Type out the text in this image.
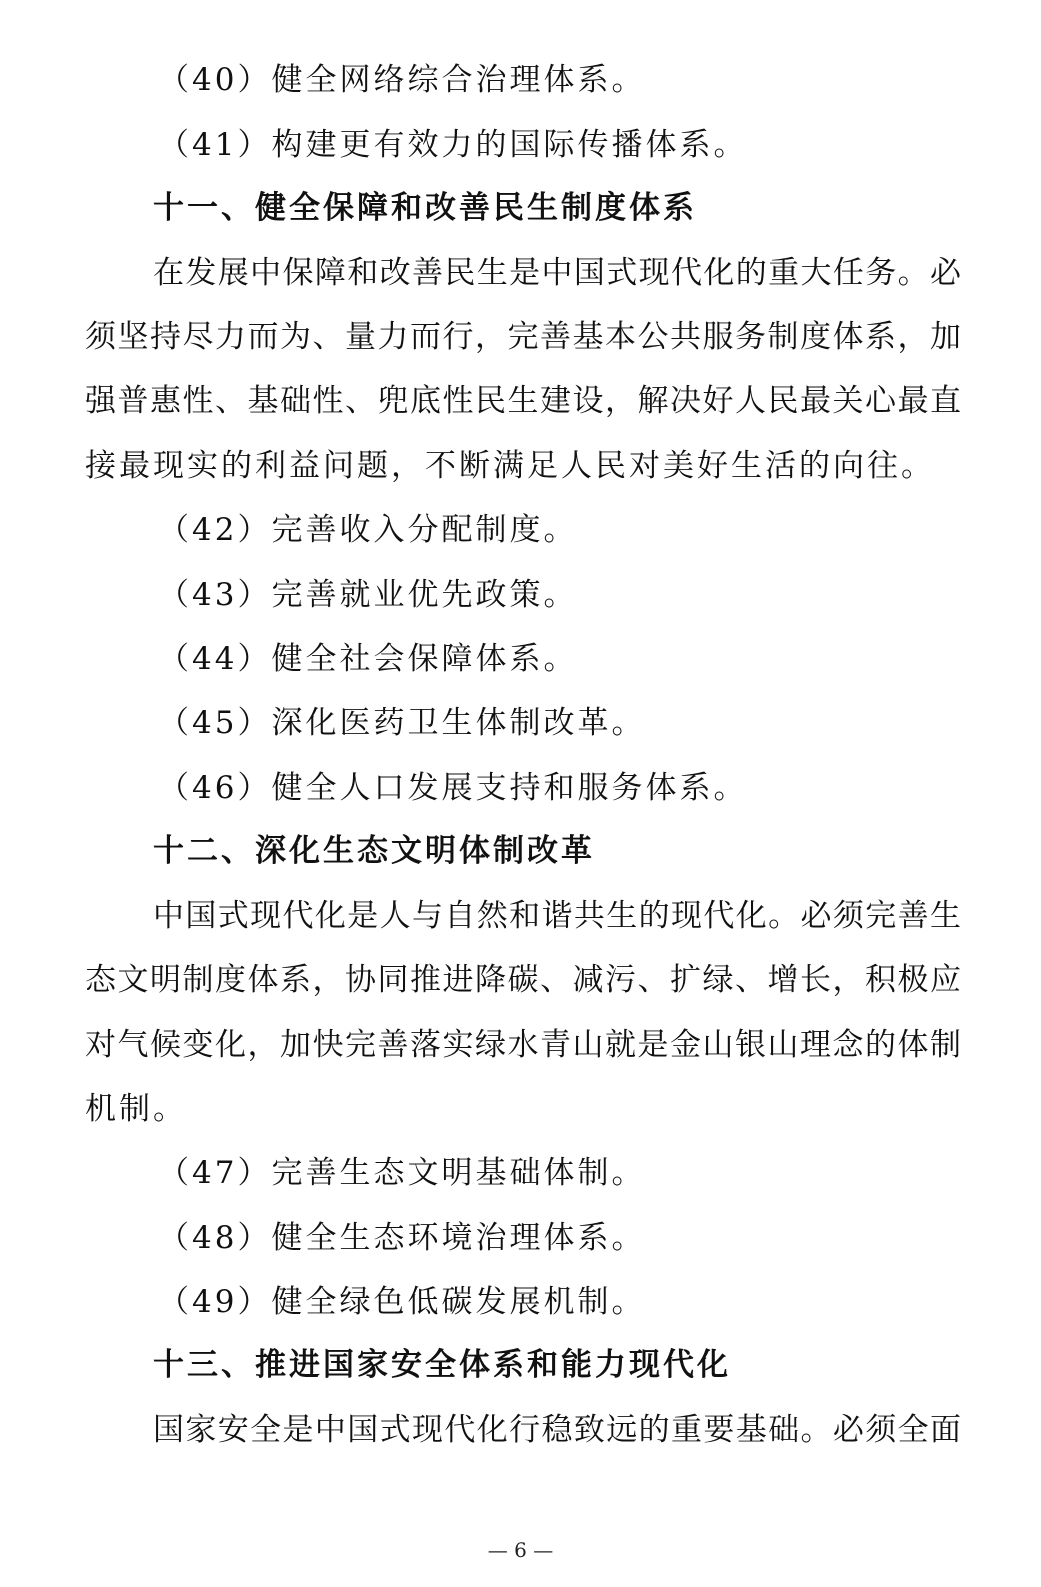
（40）健全网络综合治理体系。
（41）构建更有效力的国际传播体系。
十一、健全保障和改善民生制度体系
在发展中保障和改善民生是中国式现代化的重大任务。必
须坚持尽力而为、量力而行，完善基本公共服务制度体系，加
强普惠性、基础性、兜底性民生建设，解决好人民最关心最直
接最现实的利益问题，不断满足人民对美好生活的向往。
（42）完善收入分配制度。
（43）完善就业优先政策。
（44）健全社会保障体系。
（45）深化医药卫生体制改革。
（46）健全人口发展支持和服务体系。
十二、深化生态文明体制改革
中国式现代化是人与自然和谐共生的现代化。必须完善生
态文明制度体系，协同推进降碳、减污、扩绿、增长，积极应
对气候变化，加快完善落实绿水青山就是金山银山理念的体制
机制。
（47）完善生态文明基础体制。
（48）健全生态环境治理体系。
（49）健全绿色低碳发展机制。
十三、推进国家安全体系和能力现代化
国家安全是中国式现代化行稳致远的重要基础。必须全面
— 6 —
